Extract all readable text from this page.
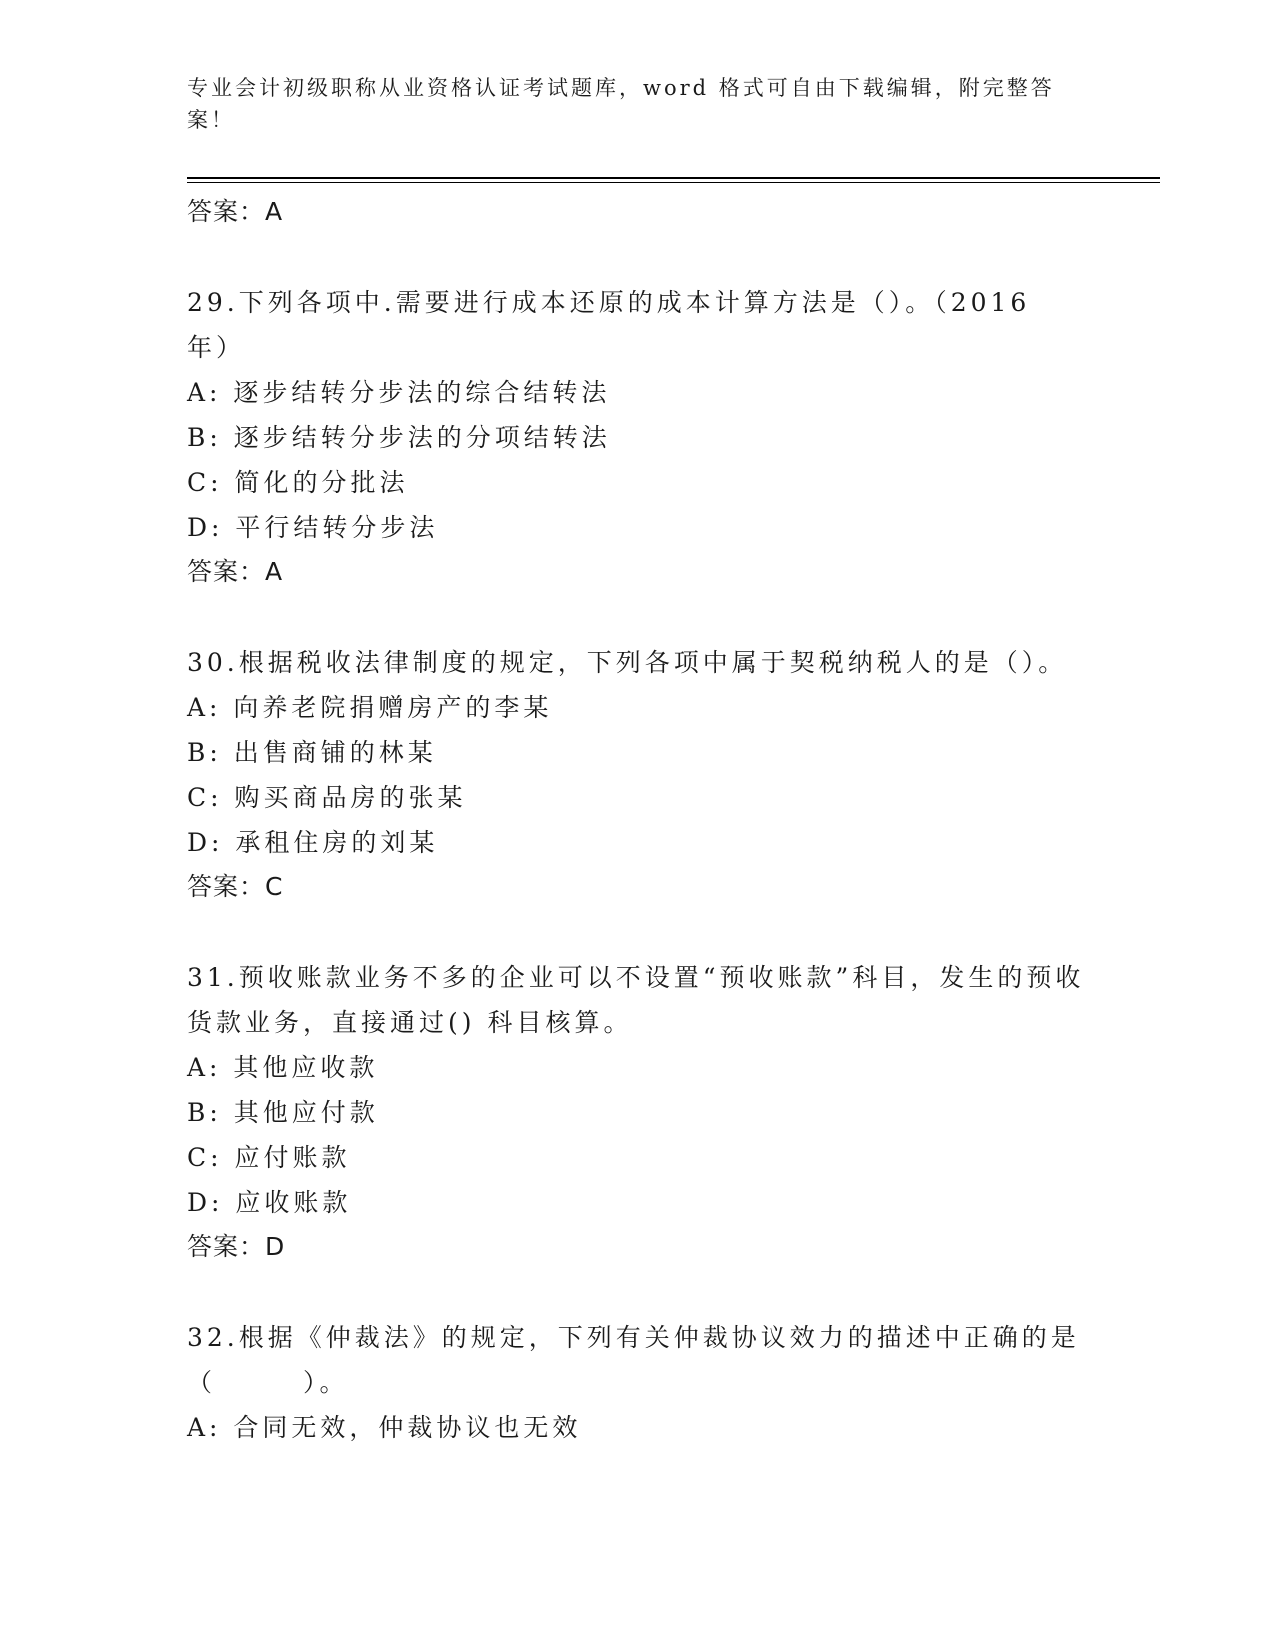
专业会计初级职称从业资格认证考试题库，word 格式可自由下载编辑，附完整答案！

答案：A

29.下列各项中.需要进行成本还原的成本计算方法是（）。（2016 年）

A: 逐步结转分步法的综合结转法

B: 逐步结转分步法的分项结转法

C: 简化的分批法

D: 平行结转分步法

答案：A

30.根据税收法律制度的规定，下列各项中属于契税纳税人的是（）。

A: 向养老院捐赠房产的李某

B: 出售商铺的林某

C: 购买商品房的张某

D: 承租住房的刘某

答案：C

31.预收账款业务不多的企业可以不设置“预收账款”科目，发生的预收货款业务，直接通过() 科目核算。

A: 其他应收款

B: 其他应付款

C: 应付账款

D: 应收账款

答案：D

32.根据《仲裁法》的规定，下列有关仲裁协议效力的描述中正确的是（　　　）。

A: 合同无效，仲裁协议也无效
